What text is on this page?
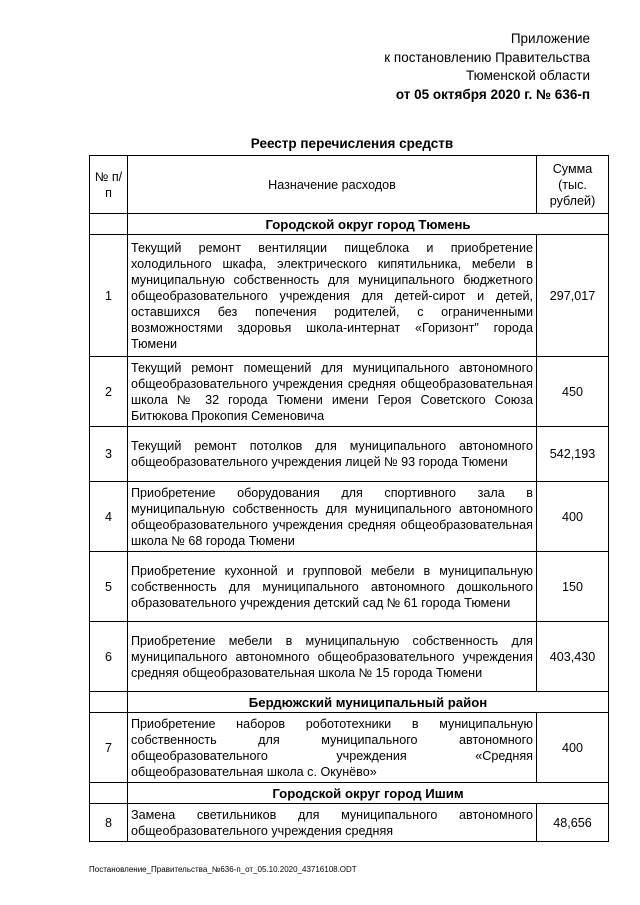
Приложение
к постановлению Правительства
Тюменской области
от 05 октября 2020 г. № 636-п
Реестр перечисления средств
№ п/п	Назначение расходов	Сумма (тыс. рублей)
	Городской округ город Тюмень	
1	Текущий ремонт вентиляции пищеблока и приобретение холодильного шкафа, электрического кипятильника, мебели в муниципальную собственность для муниципального бюджетного общеобразовательного учреждения для детей-сирот и детей, оставшихся без попечения родителей, с ограниченными возможностями здоровья школа-интернат «Горизонт" города Тюмени	297,017
2	Текущий ремонт помещений для муниципального автономного общеобразовательного учреждения средняя общеобразовательная школа № 32 города Тюмени имени Героя Советского Союза Битюкова Прокопия Семеновича	450
3	Текущий ремонт потолков для муниципального автономного общеобразовательного учреждения лицей № 93 города Тюмени	542,193
4	Приобретение оборудования для спортивного зала в муниципальную собственность для муниципального автономного общеобразовательного учреждения средняя общеобразовательная школа № 68 города Тюмени	400
5	Приобретение кухонной и групповой мебели в муниципальную собственность для муниципального автономного дошкольного образовательного учреждения детский сад № 61 города Тюмени	150
6	Приобретение мебели в муниципальную собственность для муниципального автономного общеобразовательного учреждения средняя общеобразовательная школа № 15 города Тюмени	403,430
	Бердюжский муниципальный район	
7	Приобретение наборов робототехники в муниципальную собственность для муниципального автономного общеобразовательного учреждения «Средняя общеобразовательная школа с. Окунёво»	400
	Городской округ город Ишим	
8	Замена светильников для муниципального автономного общеобразовательного учреждения средняя	48,656
Постановление_Правительства_№636-п_от_05.10.2020_43716108.ODT
